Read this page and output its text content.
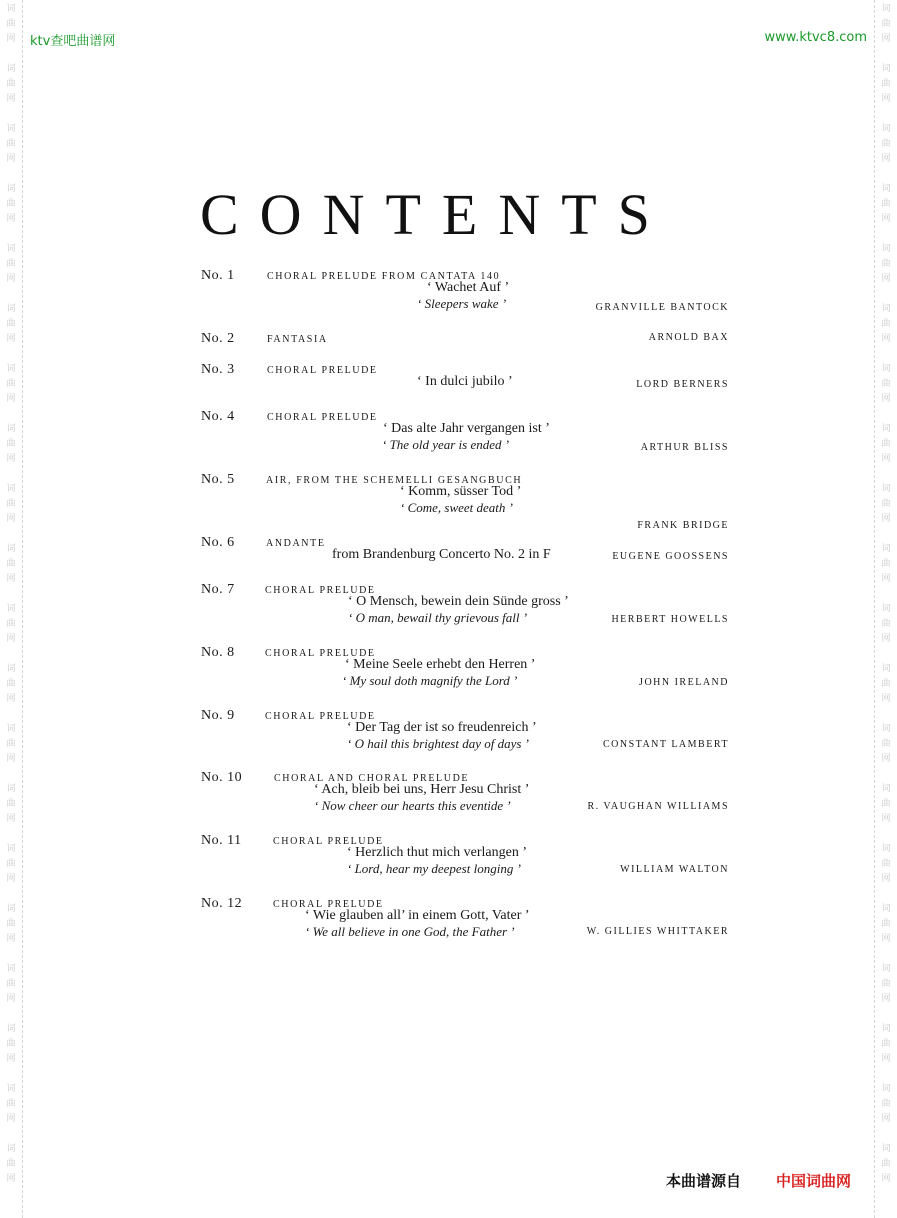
词
曲
网
词
曲
网
词
曲
网
词
曲
网
词
曲
网
词
曲
网
词
曲
网
词
曲
网
词
曲
网
词
曲
网
词
曲
网
词
曲
网
词
曲
网
词
曲
网
词
曲
网
词
曲
网
词
曲
网
词
曲
网
词
曲
网
词
曲
网
词
曲
网
词
曲
网
词
曲
网
词
曲
网
词
曲
网
词
曲
网
词
曲
网
词
曲
网
词
曲
网
词
曲
网
词
曲
网
词
曲
网
词
曲
网
词
曲
网
词
曲
网
词
曲
网
词
曲
网
词
曲
网
词
曲
网
词
曲
网
ktv查吧曲谱网	www.ktvc8.com
CONTENTS
No. 1	CHORAL PRELUDE FROM CANTATA 140
‘ Wachet Auf ’
‘ Sleepers wake ’	GRANVILLE BANTOCK
No. 2	FANTASIA	ARNOLD BAX
No. 3	CHORAL PRELUDE
‘ In dulci jubilo ’	LORD BERNERS
No. 4	CHORAL PRELUDE
‘ Das alte Jahr vergangen ist ’
‘ The old year is ended ’	ARTHUR BLISS
No. 5	AIR, FROM THE SCHEMELLI GESANGBUCH
‘ Komm, süsser Tod ’
‘ Come, sweet death ’
FRANK BRIDGE
No. 6	ANDANTE
from Brandenburg Concerto No. 2 in F	EUGENE GOOSSENS
No. 7	CHORAL PRELUDE
‘ O Mensch, bewein dein Sünde gross ’
‘ O man, bewail thy grievous fall ’	HERBERT HOWELLS
No. 8	CHORAL PRELUDE
‘ Meine Seele erhebt den Herren ’
‘ My soul doth magnify the Lord ’	JOHN IRELAND
No. 9	CHORAL PRELUDE
‘ Der Tag der ist so freudenreich ’
‘ O hail this brightest day of days ’	CONSTANT LAMBERT
No. 10	CHORAL AND CHORAL PRELUDE
‘ Ach, bleib bei uns, Herr Jesu Christ ’
‘ Now cheer our hearts this eventide ’	R. VAUGHAN WILLIAMS
No. 11	CHORAL PRELUDE
‘ Herzlich thut mich verlangen ’
‘ Lord, hear my deepest longing ’	WILLIAM WALTON
No. 12	CHORAL PRELUDE
‘ Wie glauben all’ in einem Gott, Vater ’
‘ We all believe in one God, the Father ’	W. GILLIES WHITTAKER
本曲谱源自 中国词曲网
